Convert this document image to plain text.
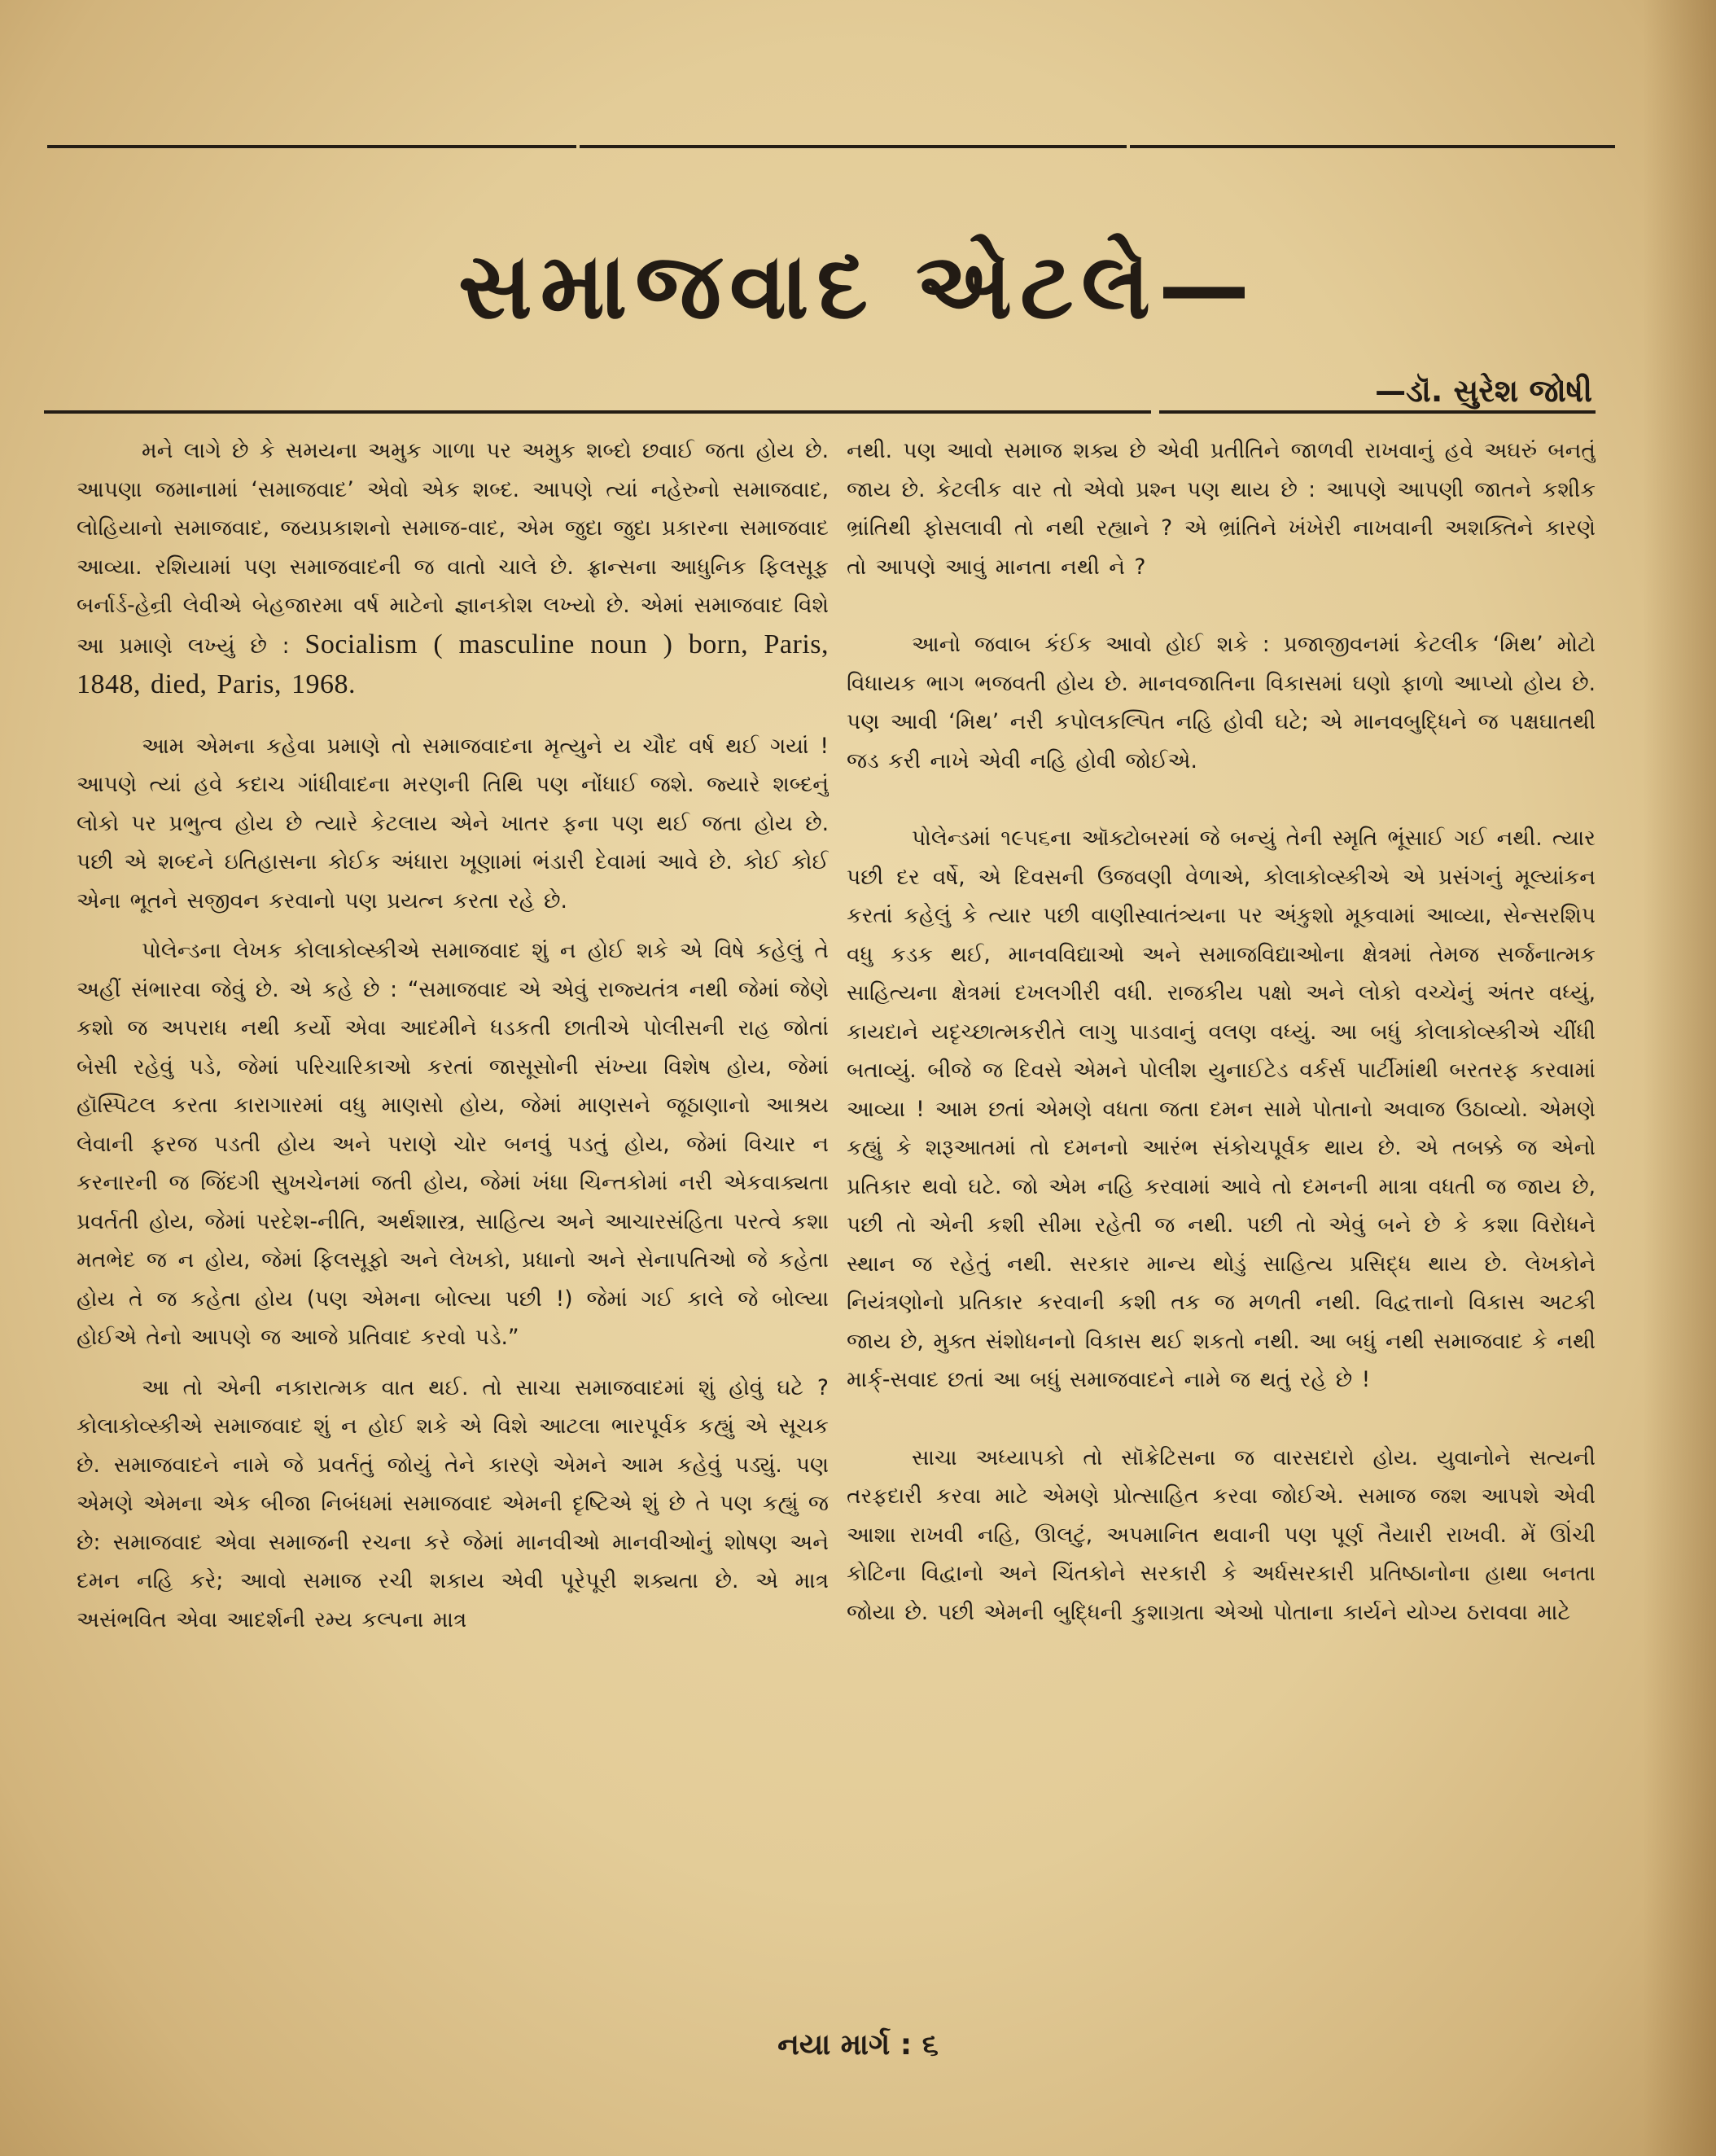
સમાજવાદ એટલે—
—ડૉ. સુરેશ જોષી

મને લાગે છે કે સમયના અમુક ગાળા પર અમુક શબ્દો છવાઈ જતા હોય છે. આપણા જમાનામાં ‘સમાજવાદ’ એવો એક શબ્દ. આપણે ત્યાં નહેરુનો સમાજવાદ, લોહિયાનો સમાજવાદ, જયપ્રકાશનો સમાજ-વાદ, એમ જુદા જુદા પ્રકારના સમાજવાદ આવ્યા. રશિયામાં પણ સમાજવાદની જ વાતો ચાલે છે. ફ્રાન્સના આધુનિક ફિલસૂફ બર્નાર્ડ-હેન્રી લેવીએ બેહજારમા વર્ષ માટેનો જ્ઞાનકોશ લખ્યો છે. એમાં સમાજવાદ વિશે આ પ્રમાણે લખ્યું છે : Socialism ( masculine noun ) born, Paris, 1848, died, Paris, 1968.

આમ એમના કહેવા પ્રમાણે તો સમાજવાદના મૃત્યુને ય ચૌદ વર્ષ થઈ ગયાં ! આપણે ત્યાં હવે કદાચ ગાંધીવાદના મરણની તિથિ પણ નોંધાઈ જશે. જ્યારે શબ્દનું લોકો પર પ્રભુત્વ હોય છે ત્યારે કેટલાય એને ખાતર ફના પણ થઈ જતા હોય છે. પછી એ શબ્દને ઇતિહાસના કોઈક અંધારા ખૂણામાં ભંડારી દેવામાં આવે છે. કોઈ કોઈ એના ભૂતને સજીવન કરવાનો પણ પ્રયત્ન કરતા રહે છે.

પોલેન્ડના લેખક કોલાકોવ્સ્કીએ સમાજવાદ શું ન હોઈ શકે એ વિષે કહેલું તે અહીં સંભારવા જેવું છે. એ કહે છે : “સમાજવાદ એ એવું રાજ્યતંત્ર નથી જેમાં જેણે કશો જ અપરાધ નથી કર્યો એવા આદમીને ધડકતી છાતીએ પોલીસની રાહ જોતાં બેસી રહેવું પડે, જેમાં પરિચારિકાઓ કરતાં જાસૂસોની સંખ્યા વિશેષ હોય, જેમાં હૉસ્પિટલ કરતા કારાગારમાં વધુ માણસો હોય, જેમાં માણસને જૂઠાણાનો આશ્રય લેવાની ફરજ પડતી હોય અને પરાણે ચોર બનવું પડતું હોય, જેમાં વિચાર ન કરનારની જ જિંદગી સુખચેનમાં જતી હોય, જેમાં ખંધા ચિન્તકોમાં નરી એકવાક્યતા પ્રવર્તતી હોય, જેમાં પરદેશ-નીતિ, અર્થશાસ્ત્ર, સાહિત્ય અને આચારસંહિતા પરત્વે કશા મતભેદ જ ન હોય, જેમાં ફિલસૂફો અને લેખકો, પ્રધાનો અને સેનાપતિઓ જે કહેતા હોય તે જ કહેતા હોય (પણ એમના બોલ્યા પછી !) જેમાં ગઈ કાલે જે બોલ્યા હોઈએ તેનો આપણે જ આજે પ્રતિવાદ કરવો પડે.”

આ તો એની નકારાત્મક વાત થઈ. તો સાચા સમાજવાદમાં શું હોવું ઘટે ? કોલાકોવ્સ્કીએ સમાજવાદ શું ન હોઈ શકે એ વિશે આટલા ભારપૂર્વક કહ્યું એ સૂચક છે. સમાજવાદને નામે જે પ્રવર્તતું જોયું તેને કારણે એમને આમ કહેવું પડ્યું. પણ એમણે એમના એક બીજા નિબંધમાં સમાજવાદ એમની દૃષ્ટિએ શું છે તે પણ કહ્યું જ છે: સમાજવાદ એવા સમાજની રચના કરે જેમાં માનવીઓ માનવીઓનું શોષણ અને દમન નહિ કરે; આવો સમાજ રચી શકાય એવી પૂરેપૂરી શક્યતા છે. એ માત્ર અસંભવિત એવા આદર્શની રમ્ય કલ્પના માત્ર

નથી. પણ આવો સમાજ શક્ય છે એવી પ્રતીતિને જાળવી રાખવાનું હવે અઘરું બનતું જાય છે. કેટલીક વાર તો એવો પ્રશ્ન પણ થાય છે : આપણે આપણી જાતને કશીક ભ્રાંતિથી ફોસલાવી તો નથી રહ્યાને ? એ ભ્રાંતિને ખંખેરી નાખવાની અશક્તિને કારણે તો આપણે આવું માનતા નથી ને ?

આનો જવાબ કંઈક આવો હોઈ શકે : પ્રજાજીવનમાં કેટલીક ‘મિથ’ મોટો વિધાયક ભાગ ભજવતી હોય છે. માનવજાતિના વિકાસમાં ઘણો ફાળો આપ્યો હોય છે. પણ આવી ‘મિથ’ નરી કપોલકલ્પિત નહિ હોવી ઘટે; એ માનવબુદ્ધિને જ પક્ષઘાતથી જડ કરી નાખે એવી નહિ હોવી જોઈએ.

પોલેન્ડમાં ૧૯૫૬ના ઑક્ટોબરમાં જે બન્યું તેની સ્મૃતિ ભૂંસાઈ ગઈ નથી. ત્યાર પછી દર વર્ષે, એ દિવસની ઉજવણી વેળાએ, કોલાકોવ્સ્કીએ એ પ્રસંગનું મૂલ્યાંકન કરતાં કહેલું કે ત્યાર પછી વાણીસ્વાતંત્ર્યના પર અંકુશો મૂકવામાં આવ્યા, સેન્સરશિપ વધુ કડક થઈ, માનવવિદ્યાઓ અને સમાજવિદ્યાઓના ક્ષેત્રમાં તેમજ સર્જનાત્મક સાહિત્યના ક્ષેત્રમાં દખલગીરી વધી. રાજકીય પક્ષો અને લોકો વચ્ચેનું અંતર વધ્યું, કાયદાને યદૃચ્છાત્મકરીતે લાગુ પાડવાનું વલણ વધ્યું. આ બધું કોલાકોવ્સ્કીએ ચીંધી બતાવ્યું. બીજે જ દિવસે એમને પોલીશ યુનાઈટેડ વર્કર્સ પાર્ટીમાંથી બરતરફ કરવામાં આવ્યા ! આમ છતાં એમણે વધતા જતા દમન સામે પોતાનો અવાજ ઉઠાવ્યો. એમણે કહ્યું કે શરૂઆતમાં તો દમનનો આરંભ સંકોચપૂર્વક થાય છે. એ તબક્કે જ એનો પ્રતિકાર થવો ઘટે. જો એમ નહિ કરવામાં આવે તો દમનની માત્રા વધતી જ જાય છે, પછી તો એની કશી સીમા રહેતી જ નથી. પછી તો એવું બને છે કે કશા વિરોધને સ્થાન જ રહેતું નથી. સરકાર માન્ય થોડું સાહિત્ય પ્રસિદ્ધ થાય છે. લેખકોને નિયંત્રણોનો પ્રતિકાર કરવાની કશી તક જ મળતી નથી. વિદ્વત્તાનો વિકાસ અટકી જાય છે, મુક્ત સંશોધનનો વિકાસ થઈ શકતો નથી. આ બધું નથી સમાજવાદ કે નથી માર્ક્-સવાદ છતાં આ બધું સમાજવાદને નામે જ થતું રહે છે !

સાચા અધ્યાપકો તો સૉક્રેટિસના જ વારસદારો હોય. યુવાનોને સત્યની તરફદારી કરવા માટે એમણે પ્રોત્સાહિત કરવા જોઈએ. સમાજ જશ આપશે એવી આશા રાખવી નહિ, ઊલટું, અપમાનિત થવાની પણ પૂર્ણ તૈયારી રાખવી. મેં ઊંચી કોટિના વિદ્વાનો અને ચિંતકોને સરકારી કે અર્ધસરકારી પ્રતિષ્ઠાનોના હાથા બનતા જોયા છે. પછી એમની બુદ્ધિની કુશાગ્રતા એઓ પોતાના કાર્યને યોગ્ય ઠરાવવા માટે

નયા માર્ગ : ૬
